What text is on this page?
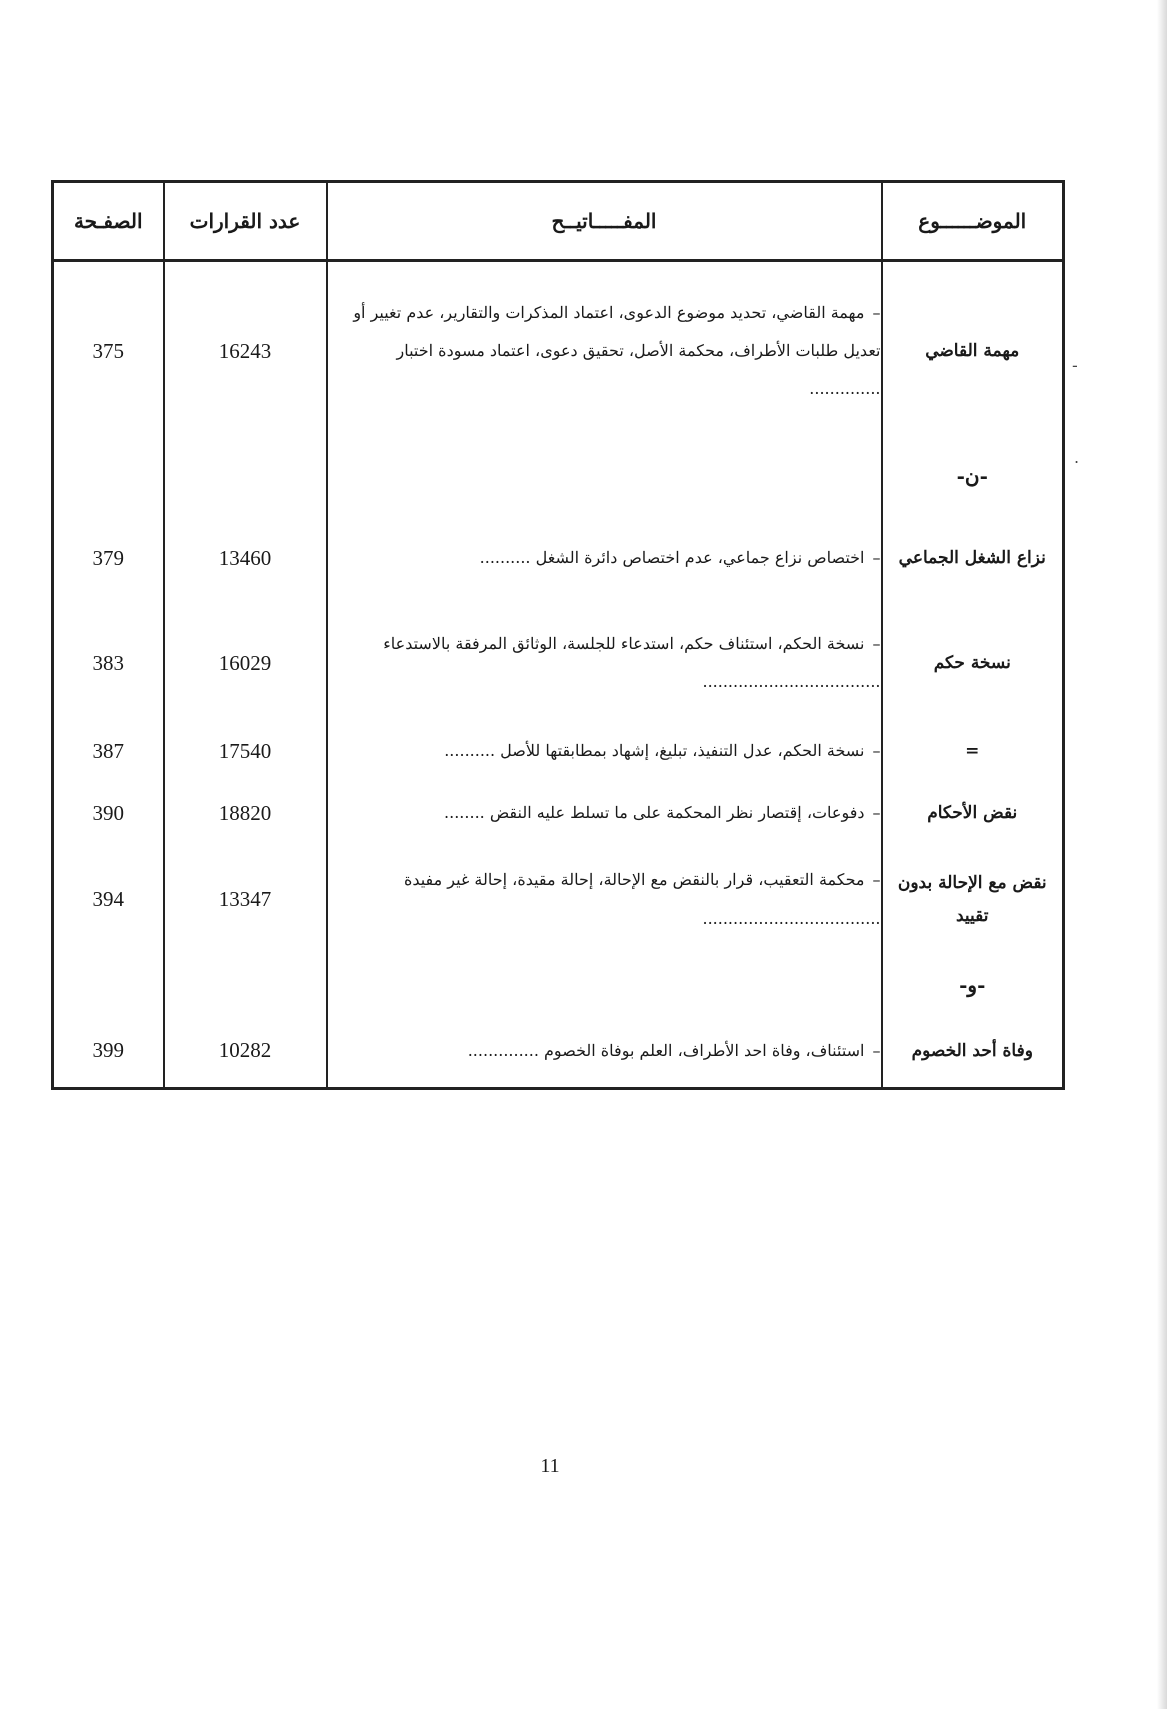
-
.
الموضــــــوع	المفـــــاتيــح	عدد القرارات	الصفـحة
مهمة القاضي	–مهمة القاضي، تحديد موضوع الدعوى، اعتماد المذكرات والتقارير، عدم تغيير أو تعديل طلبات الأطراف، محكمة الأصل، تحقيق دعوى، اعتماد مسودة اختبار ..............	16243	375
-ن-			
نزاع الشغل الجماعي	–اختصاص نزاع جماعي، عدم اختصاص دائرة الشغل ..........	13460	379
نسخة حكم	–نسخة الحكم، استئناف حكم، استدعاء للجلسة، الوثائق المرفقة بالاستدعاء ...................................	16029	383
=	–نسخة الحكم، عدل التنفيذ، تبليغ، إشهاد بمطابقتها للأصل ..........	17540	387
نقض الأحكام	–دفوعات، إقتصار نظر المحكمة على ما تسلط عليه النقض ........	18820	390
نقض مع الإحالة بدون تقييد	–محكمة التعقيب، قرار بالنقض مع الإحالة، إحالة مقيدة، إحالة غير مفيدة ...................................	13347	394
-و-			
وفاة أحد الخصوم	–استئناف، وفاة احد الأطراف، العلم بوفاة الخصوم ..............	10282	399
11
